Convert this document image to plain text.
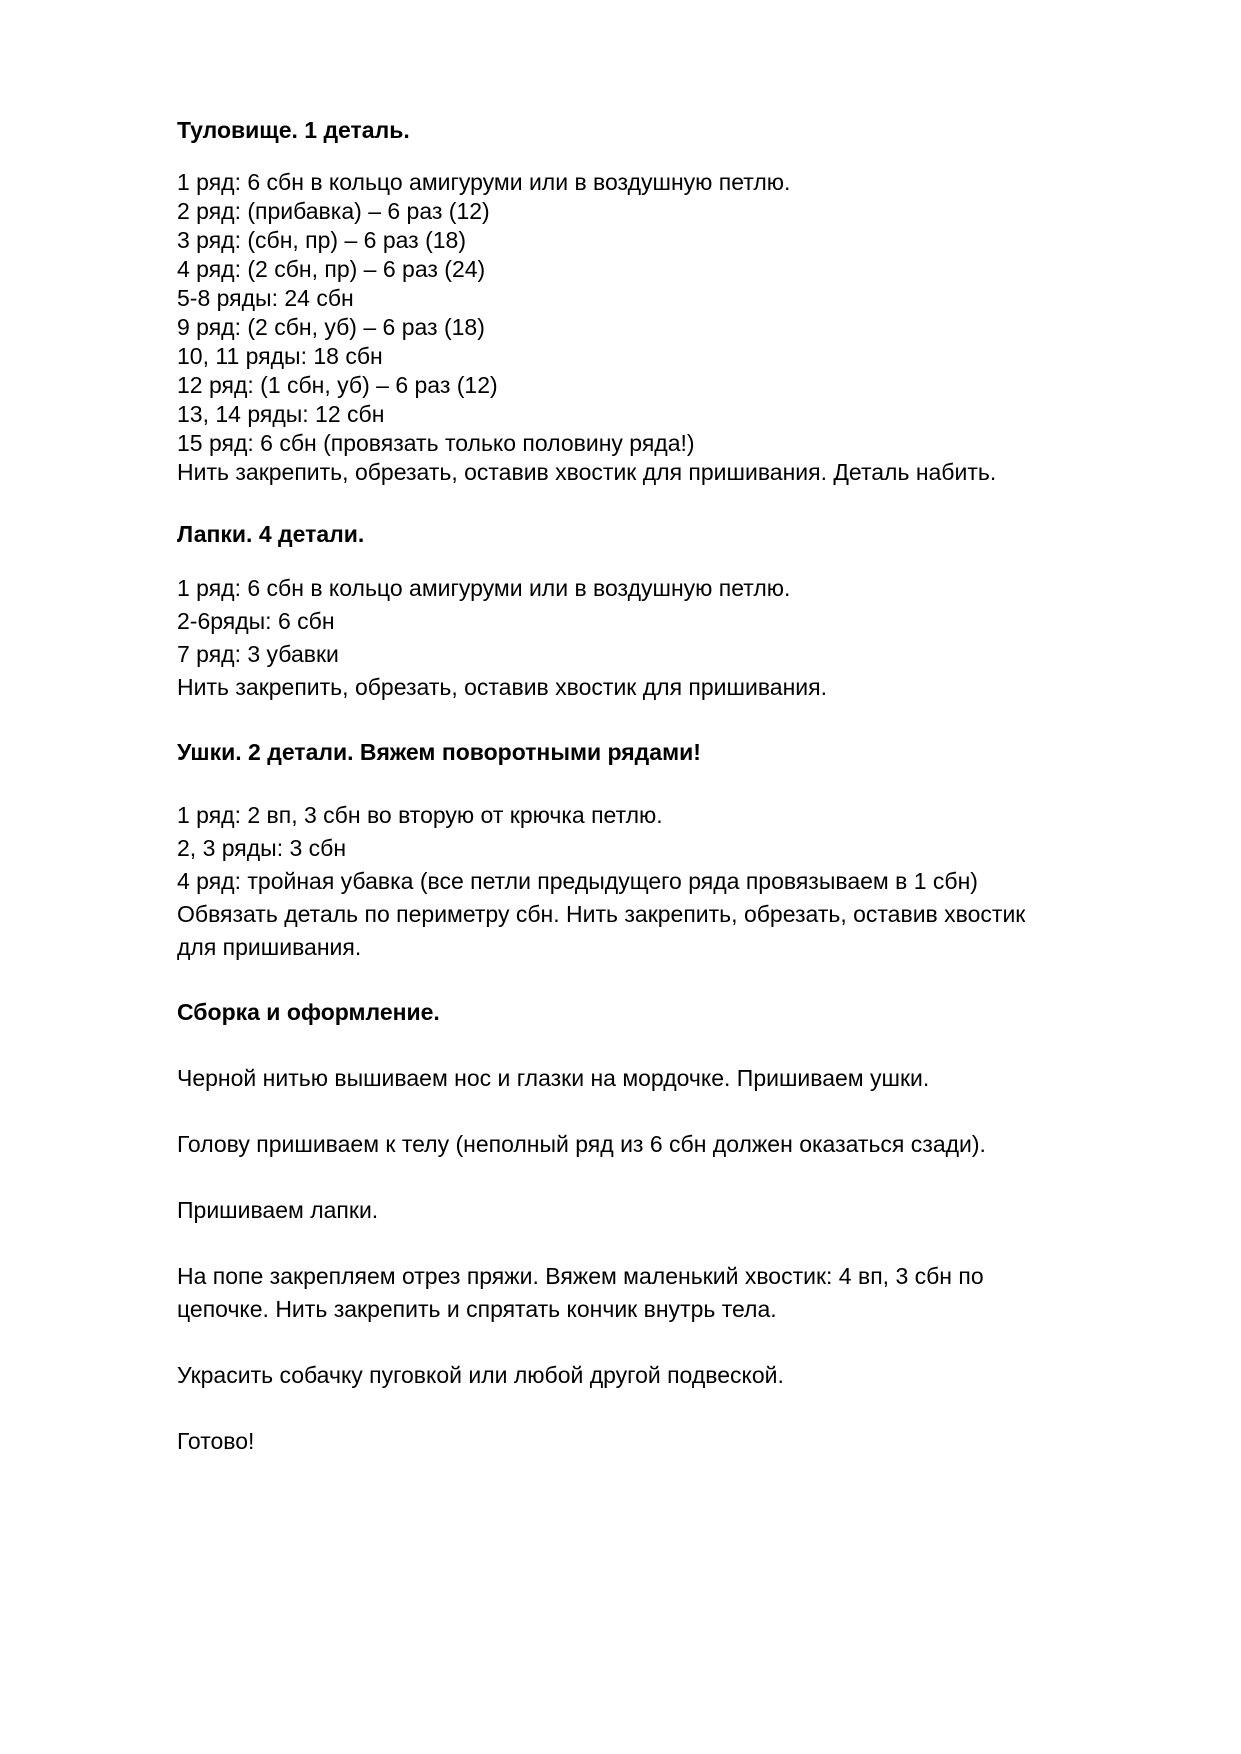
Туловище. 1 деталь.
1 ряд: 6 сбн в кольцо амигуруми или в воздушную петлю.
2 ряд: (прибавка) – 6 раз (12)
3 ряд: (сбн, пр) – 6 раз (18)
4 ряд: (2 сбн, пр) – 6 раз (24)
5-8 ряды: 24 сбн
9 ряд: (2 сбн, уб) – 6 раз (18)
10, 11 ряды: 18 сбн
12 ряд: (1 сбн, уб) – 6 раз (12)
13, 14 ряды: 12 сбн
15 ряд: 6 сбн (провязать только половину ряда!)
Нить закрепить, обрезать, оставив хвостик для пришивания. Деталь набить.
Лапки. 4 детали.
1 ряд: 6 сбн в кольцо амигуруми или в воздушную петлю.
2-6ряды: 6 сбн
7 ряд: 3 убавки
Нить закрепить, обрезать, оставив хвостик для пришивания.
Ушки. 2 детали. Вяжем поворотными рядами!
1 ряд: 2 вп, 3 сбн во вторую от крючка петлю.
2, 3 ряды: 3 сбн
4 ряд: тройная убавка (все петли предыдущего ряда провязываем в 1 сбн)
Обвязать деталь по периметру сбн. Нить закрепить, обрезать, оставив хвостик
для пришивания.
Сборка и оформление.
Черной нитью вышиваем нос и глазки на мордочке. Пришиваем ушки.
Голову пришиваем к телу (неполный ряд из 6 сбн должен оказаться сзади).
Пришиваем лапки.
На попе закрепляем отрез пряжи. Вяжем маленький хвостик: 4 вп, 3 сбн по
цепочке. Нить закрепить и спрятать кончик внутрь тела.
Украсить собачку пуговкой или любой другой подвеской.
Готово!
